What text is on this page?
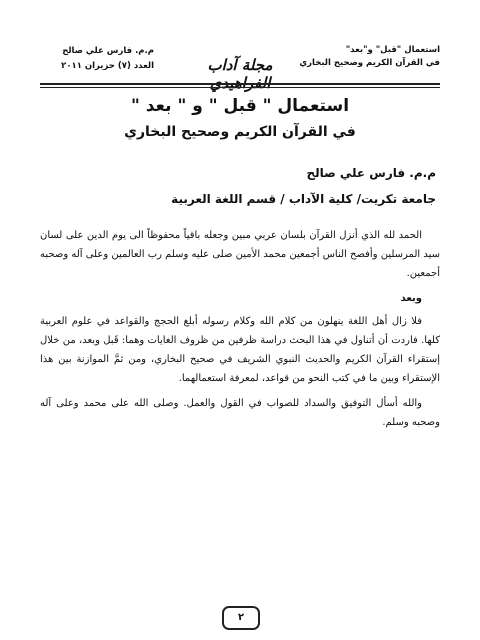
استعمال "قبل" و"بعد"
في القرآن الكريم وصحيح البخاري
مجلة آداب الفراهيدي
م.م. فارس علي صالح
العدد (٧) حزيران ٢٠١١
استعمال " قبل " و " بعد "
في القرآن الكريم وصحيح البخاري
م.م. فارس علي صالح
جامعة تكريت/ كلية الآداب / قسم اللغة العربية

الحمد لله الذي أنزل القرآن بلسان عربي مبين وجعله باقياً محفوظاً الى يوم الدين على لسان سيد المرسلين وأفصح الناس أجمعين محمد الأمين صلى عليه وسلم رب العالمين وعلى آله وصحبه أجمعين.

وبعد

فلا زال أهل اللغة ينهلون من كلام الله وكلام رسوله أبلغ الحجج والقواعد في علوم العربية كلها. فاردت أن أتناول في هذا البحث دراسة ظرفين من ظروف الغايات وهما: قَبل وبعد، من خلال إستقراء القرآن الكريم والحديث النبوي الشريف في صحيح البخاري، ومن ثمَّ الموازنة بين هذا الإستقراء وبين ما في كتب النحو من قواعد، لمعرفة استعمالهما.

والله أسأل التوفيق والسداد للصواب في القول والعمل. وصلى الله على محمد وعلى آله وصحبه وسلم.

٢
